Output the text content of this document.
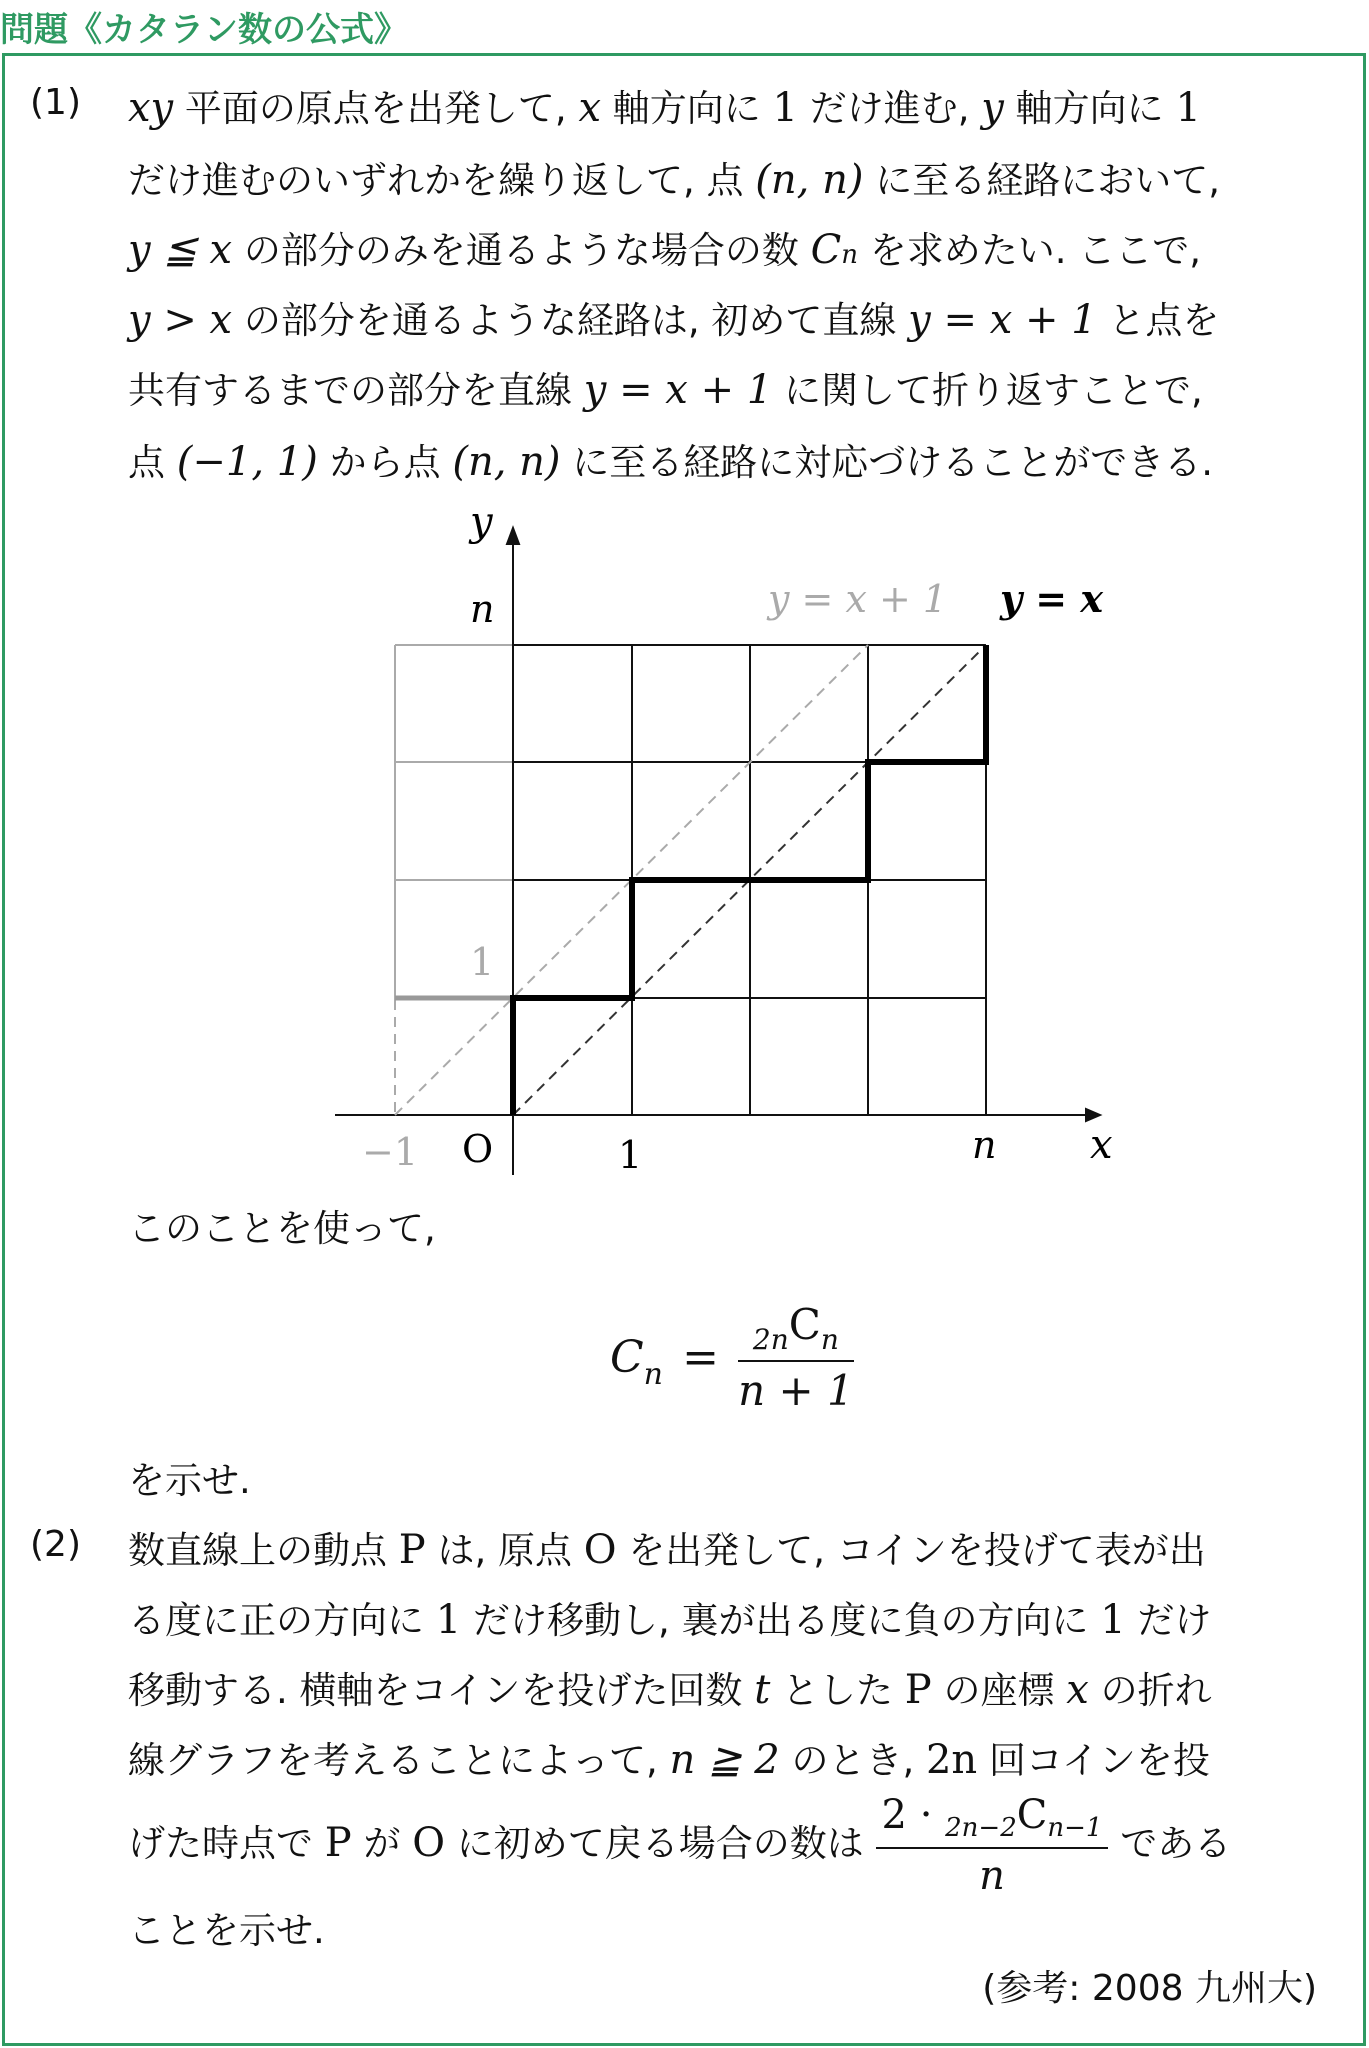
問題《カタラン数の公式》
(1) xy 平面の原点を出発して, x 軸方向に 1 だけ進む, y 軸方向に 1
だけ進むのいずれかを繰り返して, 点 (n, n) に至る経路において,
y ≦ x の部分のみを通るような場合の数 Cn を求めたい. ここで,
y > x の部分を通るような経路は, 初めて直線 y = x + 1 と点を
共有するまでの部分を直線 y = x + 1 に関して折り返すことで,
点 (−1, 1) から点 (n, n) に至る経路に対応づけることができる.
y
n	y = x + 1 y = x
1
−1 O	1	n x
このことを使って,
$Cn = \frac{_{2n}C_n}{n + 1}$
を示せ.
(2) 数直線上の動点 P は, 原点 O を出発して, コインを投げて表が出
る度に正の方向に 1 だけ移動し, 裏が出る度に負の方向に 1 だけ
移動する. 横軸をコインを投げた回数 t とした P の座標 x の折れ
線グラフを考えることによって, n ≧ 2 のとき, 2n 回コインを投
げた時点で P が O に初めて戻る場合の数は $\frac{2 \cdot _{2n-2}C_{n-1}}{n}$ である
ことを示せ.
(参考: 2008 九州大)
